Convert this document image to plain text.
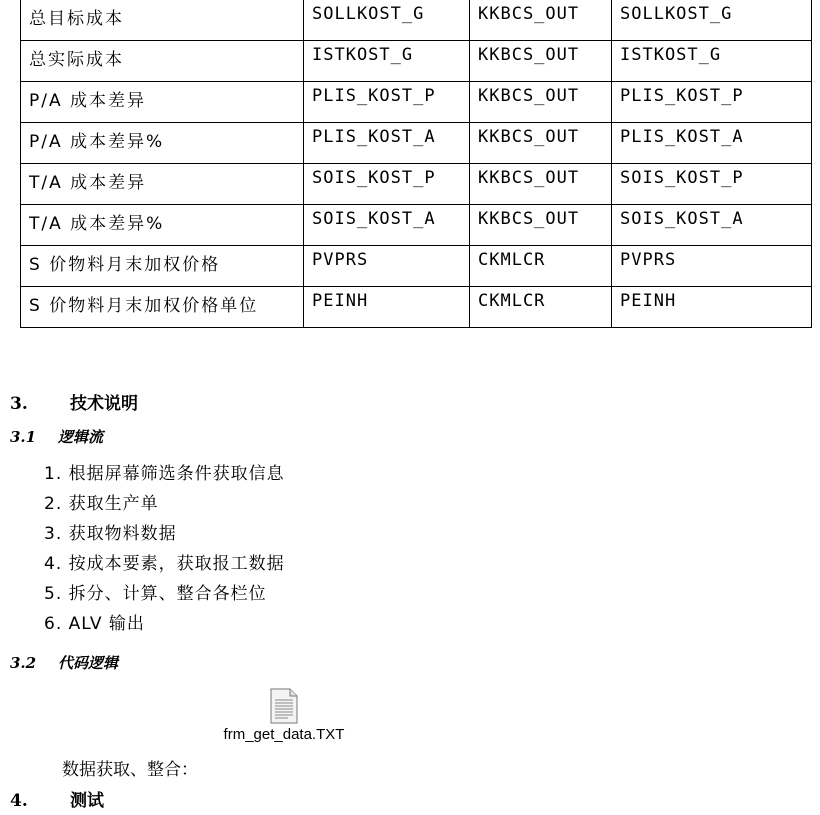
总目标成本	SOLLKOST_G	KKBCS_OUT	SOLLKOST_G
总实际成本	ISTKOST_G	KKBCS_OUT	ISTKOST_G
P/A 成本差异	PLIS_KOST_P	KKBCS_OUT	PLIS_KOST_P
P/A 成本差异%	PLIS_KOST_A	KKBCS_OUT	PLIS_KOST_A
T/A 成本差异	SOIS_KOST_P	KKBCS_OUT	SOIS_KOST_P
T/A 成本差异%	SOIS_KOST_A	KKBCS_OUT	SOIS_KOST_A
S 价物料月末加权价格	PVPRS	CKMLCR	PVPRS
S 价物料月末加权价格单位	PEINH	CKMLCR	PEINH
3. 技术说明
3.1 逻辑流
1. 根据屏幕筛选条件获取信息
2. 获取生产单
3. 获取物料数据
4. 按成本要素，获取报工数据
5. 拆分、计算、整合各栏位
6. ALV 输出
3.2 代码逻辑
frm_get_data.TXT
数据获取、整合：
4. 测试
